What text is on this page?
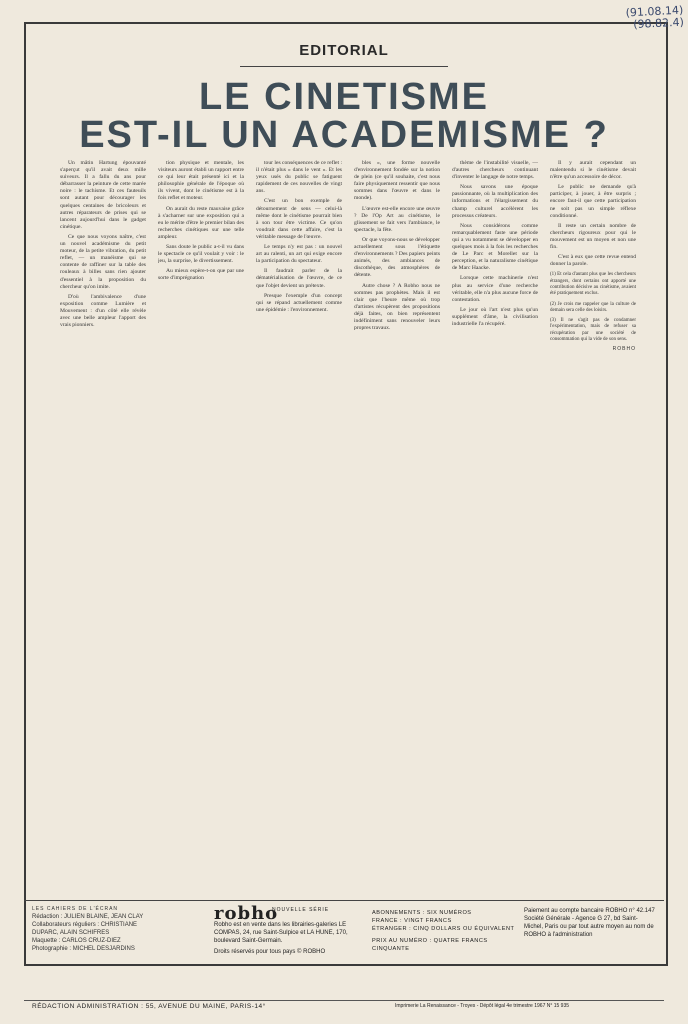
(91.08.14)
(98.82.4)
EDITORIAL
LE CINETISME
EST-IL UN ACADEMISME ?

Un mâtin Hartung épouvanté s'aperçut qu'il avait deux mille suiveurs. Il a fallu du ans pour débarrasser la peinture de cette marée noire : le tachisme. Et ces fauteuils sont autant pour décourager les quelques centaines de bricoleurs et autres réparateurs de prises qui se lancent aujourd'hui dans le gadget cinétique.

Ce que nous voyons naître, c'est un nouvel académisme du petit moteur, de la petite vibration, du petit reflet, — un manéisme qui se contente de raffiner sur la table des rouleaux à billes sans rien ajouter d'essentiel à la proposition du chercheur qu'on imite.

D'où l'ambivalence d'une exposition comme Lumière et Mouvement : d'un côté elle révèle avec une belle ampleur l'apport des vrais pionniers.

tion physique et mentale, les visiteurs auront établi un rapport entre ce qui leur était présenté ici et la philosophie générale de l'époque où ils vivent, dont le cinétisme est à la fois reflet et moteur.

On aurait du reste mauvaise grâce à s'acharner sur une exposition qui a eu le mérite d'être le premier bilan des recherches cinétiques sur une telle ampleur.

Sans doute le public a-t-il vu dans le spectacle ce qu'il voulait y voir : le jeu, la surprise, le divertissement.

Au mieux espère-t-on que par une sorte d'imprégnation

tour les conséquences de ce reflet : il n'était plus « dans le vent ». Et les yeux usés du public se fatiguent rapidement de ces nouvelles de vingt ans.

C'est un bon exemple de détournement de sens — celui-là même dont le cinétisme pourrait bien à son tour être victime. Ce qu'on voudrait dans cette affaire, c'est la véritable message de l'œuvre.

Le temps n'y est pas : un nouvel art au ralenti, un art qui exige encore la participation du spectateur.

Il faudrait parler de la dématérialisation de l'œuvre, de ce que l'objet devient un prétexte.

Presque l'exemple d'un concept qui se répand actuellement comme une épidémie : l'environnement.

bles », une forme nouvelle d'environnement fondée sur la notion de plein (ce qu'il souhaite, c'est nous faire physiquement ressentir que nous sommes dans l'œuvre et dans le monde).

L'œuvre est-elle encore une œuvre ? De l'Op Art au cinétisme, le glissement se fait vers l'ambiance, le spectacle, la fête.

Or que voyons-nous se développer actuellement sous l'étiquette d'environnements ? Des papiers peints animés, des ambiances de discothèque, des atmosphères de détente.

Autre chose ? A Robho nous ne sommes pas prophètes. Mais il est clair que l'heure même où trop d'artistes récupèrent des propositions déjà faites, on bien représentent indéfiniment sans renouveler leurs propres travaux.

thème de l'instabilité visuelle, — d'autres chercheurs continuant d'inventer le langage de notre temps.

Nous savons une époque passionnante, où la multiplication des informations et l'élargissement du champ culturel accélèrent les processus créateurs.

Nous considérons comme remarquablement faste une période qui a vu notamment se développer en quelques mois à la fois les recherches de Le Parc et Morellet sur la perception, et la naturalisme cinétique de Marc Haacke.

Lorsque cette machinerie n'est plus au service d'une recherche véritable, elle n'a plus aucune force de contestation.

Le jour où l'art n'est plus qu'un supplément d'âme, la civilisation industrielle l'a récupéré.

Il y aurait cependant un malentendu si le cinétisme devait n'être qu'un accessoire de décor.

Le public ne demande qu'à participer, à jouer, à être surpris ; encore faut-il que cette participation ne soit pas un simple réflexe conditionné.

Il reste un certain nombre de chercheurs rigoureux pour qui le mouvement est un moyen et non une fin.

C'est à eux que cette revue entend donner la parole.

(1) Et cela d'autant plus que les chercheurs étrangers, dont certains ont apporté une contribution décisive au cinétisme, avaient été pratiquement exclus.
(2) Je crois me rappeler que la culture de demain sera celle des loisirs.
(3) Il ne s'agit pas de condamner l'expérimentation, mais de refuser sa récupération par une société de consommation qui la vide de son sens.
ROBHO
LES CAHIERS DE L'ÉCRAN
Rédaction : JULIEN BLAINE, JEAN CLAY
Collaborateurs réguliers : CHRISTIANE
DUPARC, ALAIN SCHIFRES
Maquette : CARLOS CRUZ-DIEZ
Photographie : MICHEL DESJARDINS
robho
NOUVELLE SÉRIE
Robho est en vente dans les librairies-galeries LE COMPAS, 24, rue Saint-Sulpice et LA HUNE, 170, boulevard Saint-Germain.
Droits réservés pour tous pays © ROBHO
ABONNEMENTS : SIX NUMÉROS
FRANCE : VINGT FRANCS
ÉTRANGER : CINQ DOLLARS OU ÉQUIVALENT
PRIX AU NUMÉRO : QUATRE FRANCS CINQUANTE
Paiement au compte bancaire ROBHO n° 42.147 Société Générale - Agence G 27, bd Saint-Michel, Paris ou par tout autre moyen au nom de ROBHO à l'administration
RÉDACTION ADMINISTRATION : 55, AVENUE DU MAINE, PARIS-14°	Imprimerie La Renaissance - Troyes - Dépôt légal 4e trimestre 1967 N° 15 935
